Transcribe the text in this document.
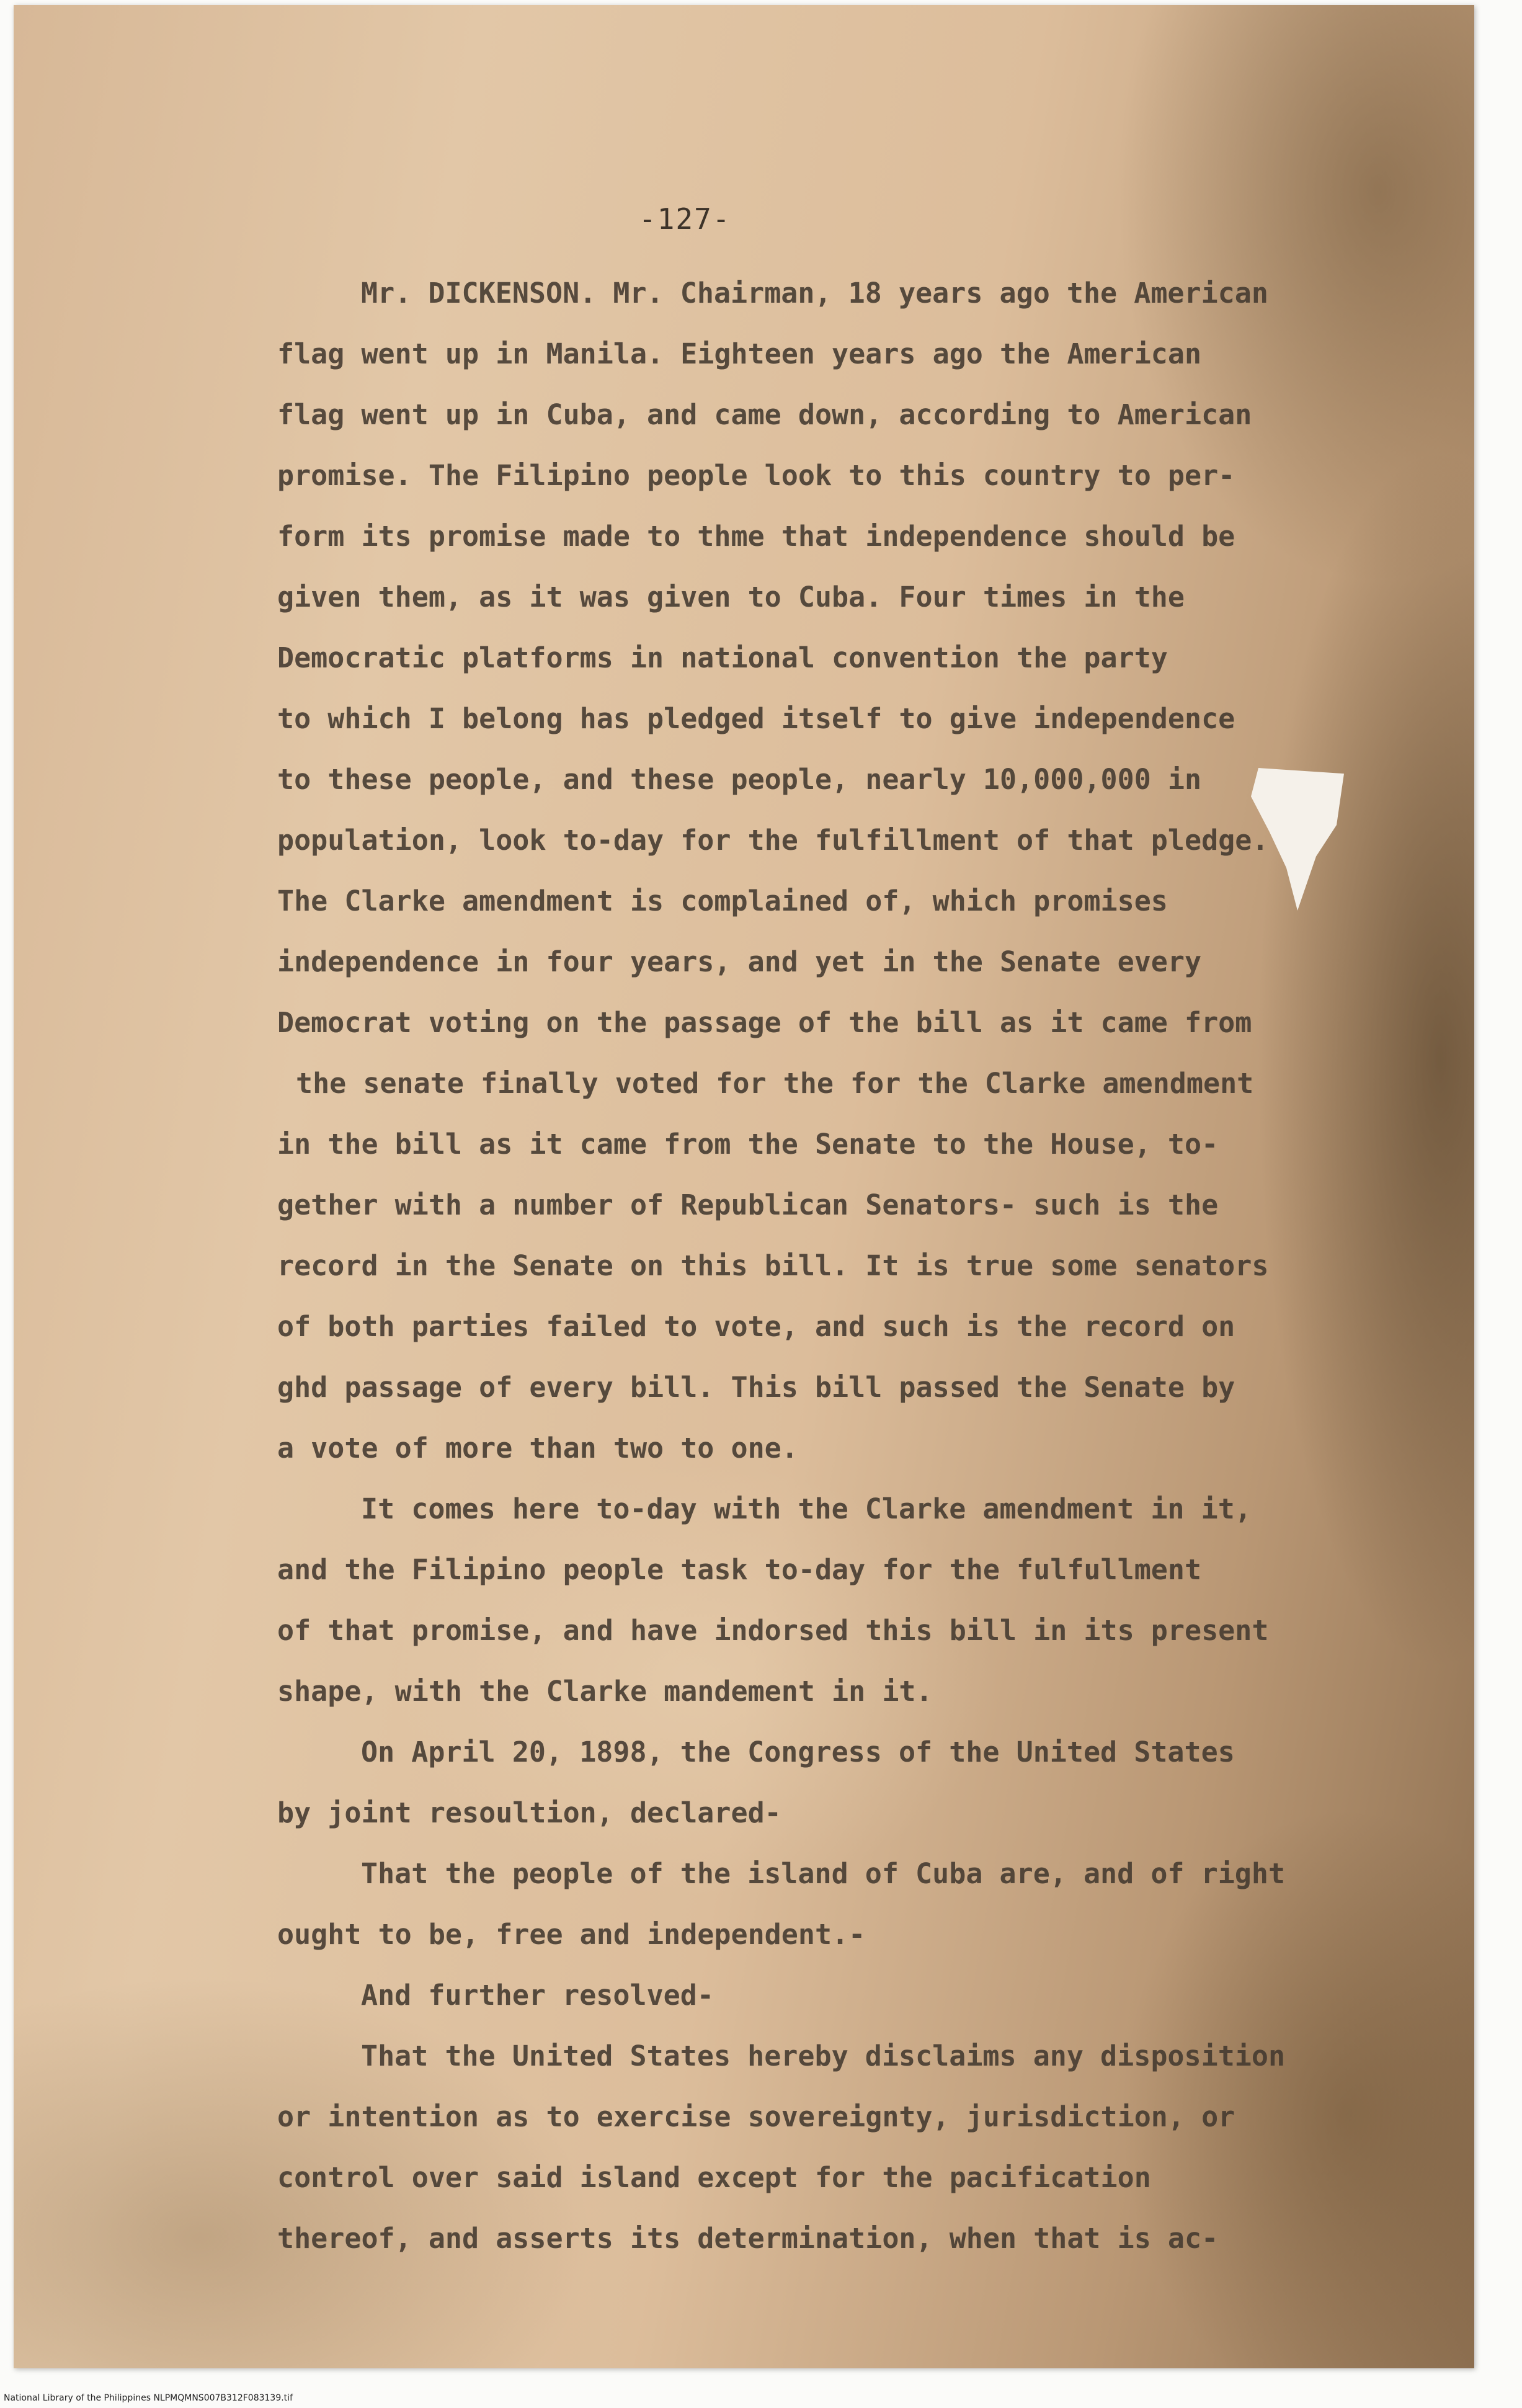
-127-
Mr. DICKENSON. Mr. Chairman, 18 years ago the American
flag went up in Manila. Eighteen years ago the American
flag went up in Cuba, and came down, according to American
promise. The Filipino people look to this country to per-
form its promise made to thme that independence should be
given them, as it was given to Cuba. Four times in the
Democratic platforms in national convention the party
to which I belong has pledged itself to give independence
to these people, and these people, nearly 10,000,000 in
population, look to-day for the fulfillment of that pledge.
The Clarke amendment is complained of, which promises
independence in four years, and yet in the Senate every
Democrat voting on the passage of the bill as it came from
the senate finally voted for the for the Clarke amendment
in the bill as it came from the Senate to the House, to-
gether with a number of Republican Senators- such is the
record in the Senate on this bill. It is true some senators
of both parties failed to vote, and such is the record on
ghd passage of every bill. This bill passed the Senate by
a vote of more than two to one.
It comes here to-day with the Clarke amendment in it,
and the Filipino people task to-day for the fulfullment
of that promise, and have indorsed this bill in its present
shape, with the Clarke mandement in it.
On April 20, 1898, the Congress of the United States
by joint resoultion, declared-
That the people of the island of Cuba are, and of right
ought to be, free and independent.-
And further resolved-
That the United States hereby disclaims any disposition
or intention as to exercise sovereignty, jurisdiction, or
control over said island except for the pacification
thereof, and asserts its determination, when that is ac-
National Library of the Philippines NLPMQMNS007B312F083139.tif
